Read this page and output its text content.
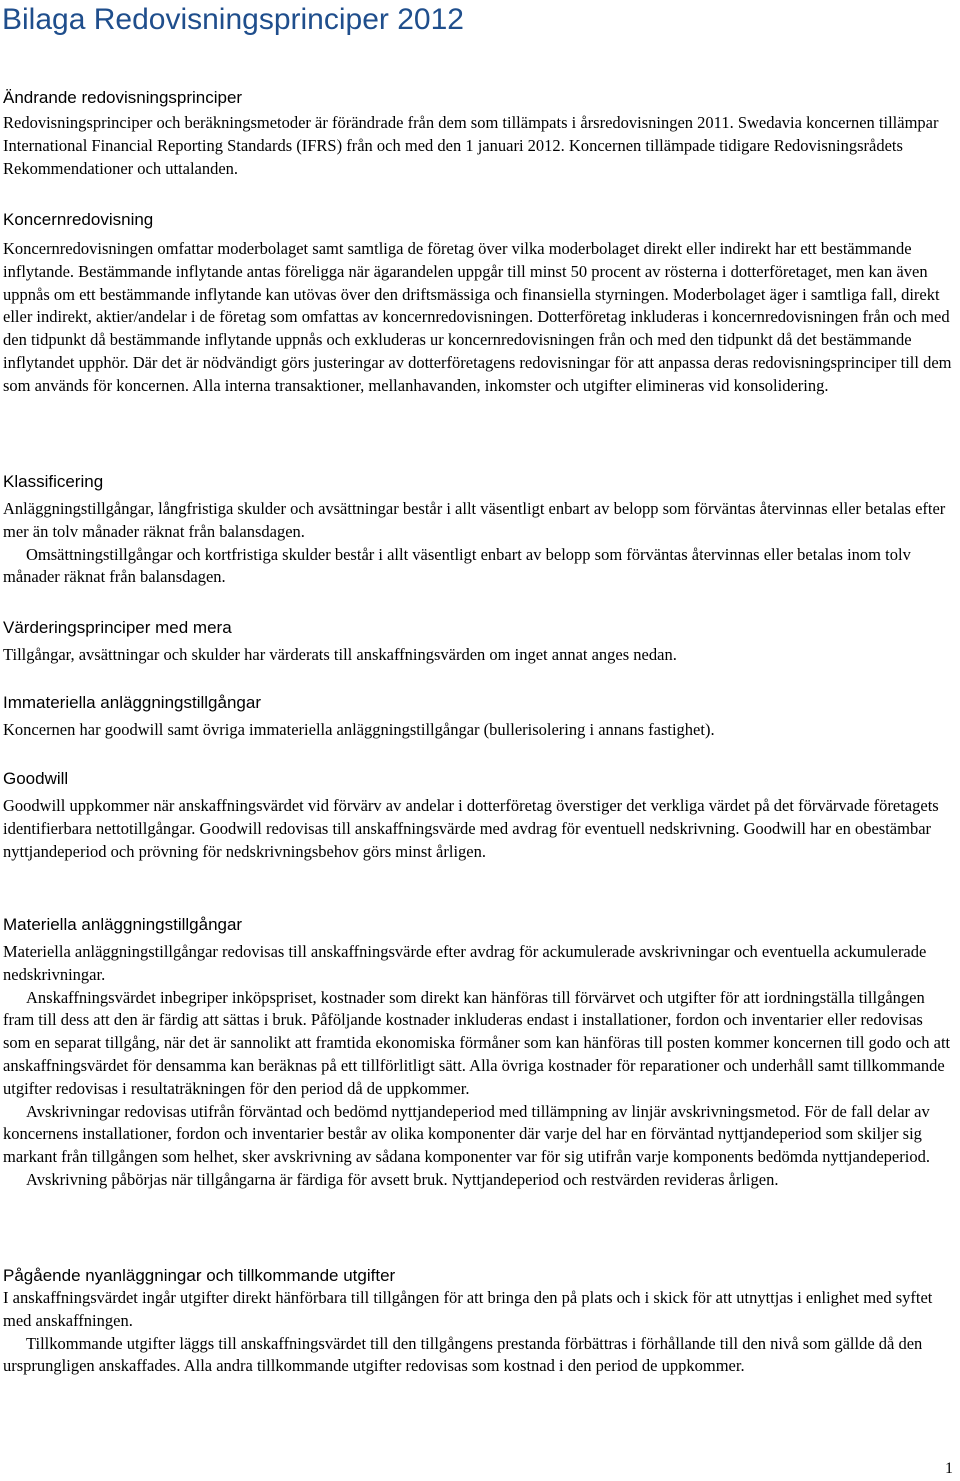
Bilaga Redovisningsprinciper 2012
Ändrande redovisningsprinciper

Redovisningsprinciper och beräkningsmetoder är förändrade från dem som tillämpats i årsredovisningen 2011. Swedavia koncernen tillämpar International Financial Reporting Standards (IFRS) från och med den 1 januari 2012. Koncernen tillämpade tidigare Redovisningsrådets Rekommendationer och uttalanden.

Koncernredovisning

Koncernredovisningen omfattar moderbolaget samt samtliga de företag över vilka moderbolaget direkt eller indirekt har ett bestämmande inflytande. Bestämmande inflytande antas föreligga när ägarandelen uppgår till minst 50 procent av rösterna i dotterföretaget, men kan även uppnås om ett bestämmande inflytande kan utövas över den driftsmässiga och finansiella styrningen. Moderbolaget äger i samtliga fall, direkt eller indirekt, aktier/andelar i de företag som omfattas av koncernredovisningen. Dotterföretag inkluderas i koncernredovisningen från och med den tidpunkt då bestämmande inflytande uppnås och exkluderas ur koncernredovisningen från och med den tidpunkt då det bestämmande inflytandet upphör. Där det är nödvändigt görs justeringar av dotterföretagens redovisningar för att anpassa deras redovisningsprinciper till dem som används för koncernen. Alla interna transaktioner, mellanhavanden, inkomster och utgifter elimineras vid konsolidering.

Klassificering

Anläggningstillgångar, långfristiga skulder och avsättningar består i allt väsentligt enbart av belopp som förväntas återvinnas eller betalas efter mer än tolv månader räknat från balansdagen.

Omsättningstillgångar och kortfristiga skulder består i allt väsentligt enbart av belopp som förväntas återvinnas eller betalas inom tolv månader räknat från balansdagen.

Värderingsprinciper med mera

Tillgångar, avsättningar och skulder har värderats till anskaffningsvärden om inget annat anges nedan.

Immateriella anläggningstillgångar

Koncernen har goodwill samt övriga immateriella anläggningstillgångar (bullerisolering i annans fastighet).

Goodwill

Goodwill uppkommer när anskaffningsvärdet vid förvärv av andelar i dotterföretag överstiger det verkliga värdet på det förvärvade företagets identifierbara nettotillgångar. Goodwill redovisas till anskaffningsvärde med avdrag för eventuell nedskrivning. Goodwill har en obestämbar nyttjandeperiod och prövning för nedskrivningsbehov görs minst årligen.

Materiella anläggningstillgångar

Materiella anläggningstillgångar redovisas till anskaffningsvärde efter avdrag för ackumulerade avskrivningar och eventuella ackumulerade nedskrivningar.

Anskaffningsvärdet inbegriper inköpspriset, kostnader som direkt kan hänföras till förvärvet och utgifter för att iordningställa tillgången fram till dess att den är färdig att sättas i bruk. Påföljande kostnader inkluderas endast i installationer, fordon och inventarier eller redovisas som en separat tillgång, när det är sannolikt att framtida ekonomiska förmåner som kan hänföras till posten kommer koncernen till godo och att anskaffningsvärdet för densamma kan beräknas på ett tillförlitligt sätt. Alla övriga kostnader för reparationer och underhåll samt tillkommande utgifter redovisas i resultaträkningen för den period då de uppkommer.

Avskrivningar redovisas utifrån förväntad och bedömd nyttjandeperiod med tillämpning av linjär avskrivningsmetod. För de fall delar av koncernens installationer, fordon och inventarier består av olika komponenter där varje del har en förväntad nyttjandeperiod som skiljer sig markant från tillgången som helhet, sker avskrivning av sådana komponenter var för sig utifrån varje komponents bedömda nyttjandeperiod.

Avskrivning påbörjas när tillgångarna är färdiga för avsett bruk. Nyttjandeperiod och restvärden revideras årligen.

Pågående nyanläggningar och tillkommande utgifter

I anskaffningsvärdet ingår utgifter direkt hänförbara till tillgången för att bringa den på plats och i skick för att utnyttjas i enlighet med syftet med anskaffningen.

Tillkommande utgifter läggs till anskaffningsvärdet till den tillgångens prestanda förbättras i förhållande till den nivå som gällde då den ursprungligen anskaffades. Alla andra tillkommande utgifter redovisas som kostnad i den period de uppkommer.

1
